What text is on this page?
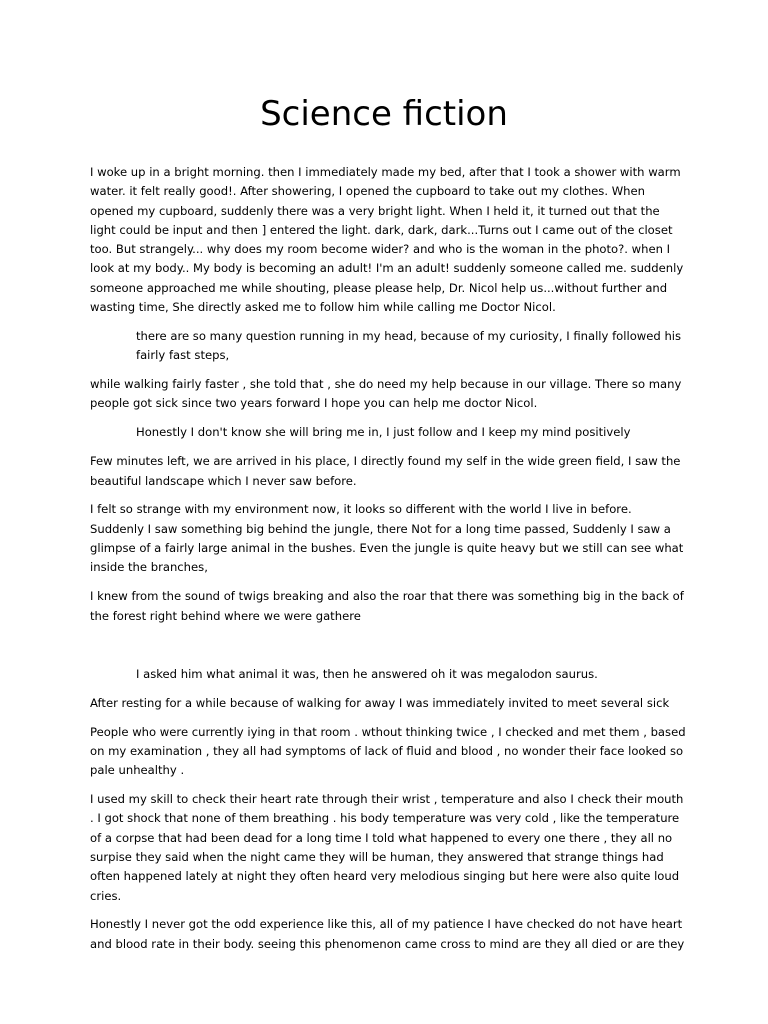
Science fiction

I woke up in a bright morning. then I immediately made my bed, after that I took a shower with warm water. it felt really good!. After showering, I opened the cupboard to take out my clothes. When opened my cupboard, suddenly there was a very bright light. When I held it, it turned out that the light could be input and then ] entered the light. dark, dark, dark...Turns out I came out of the closet too. But strangely... why does my room become wider? and who is the woman in the photo?. when I look at my body.. My body is becoming an adult! I'm an adult! suddenly someone called me. suddenly someone approached me while shouting, please please help, Dr. Nicol help us...without further and wasting time, She directly asked me to follow him while calling me Doctor Nicol.

there are so many question running in my head, because of my curiosity, I finally followed his fairly fast steps,

while walking fairly faster , she told that , she do need my help because in our village. There so many people got sick since two years forward I hope you can help me doctor Nicol.

Honestly I don't know she will bring me in, I just follow and I keep my mind positively

Few minutes left, we are arrived in his place, I directly found my self in the wide green field, I saw the beautiful landscape which I never saw before.

I felt so strange with my environment now, it looks so different with the world I live in before. Suddenly I saw something big behind the jungle, there Not for a long time passed, Suddenly I saw a glimpse of a fairly large animal in the bushes. Even the jungle is quite heavy but we still can see what inside the branches,

I knew from the sound of twigs breaking and also the roar that there was something big in the back of the forest right behind where we were gathere

I asked him what animal it was, then he answered oh it was megalodon saurus.

After resting for a while because of walking for away I was immediately invited to meet several sick

People who were currently iying in that room . wthout thinking twice , I checked and met them , based on my examination , they all had symptoms of lack of fluid and blood , no wonder their face looked so pale unhealthy .

I used my skill to check their heart rate through their wrist , temperature and also I check their mouth . I got shock that none of them breathing . his body temperature was very cold , like the temperature of a corpse that had been dead for a long time I told what happened to every one there , they all no surpise they said when the night came they will be human, they answered that strange things had often happened lately at night they often heard very melodious singing but here were also quite loud cries.

Honestly I never got the odd experience like this, all of my patience I have checked do not have heart and blood rate in their body. seeing this phenomenon came cross to mind are they all died or are they
